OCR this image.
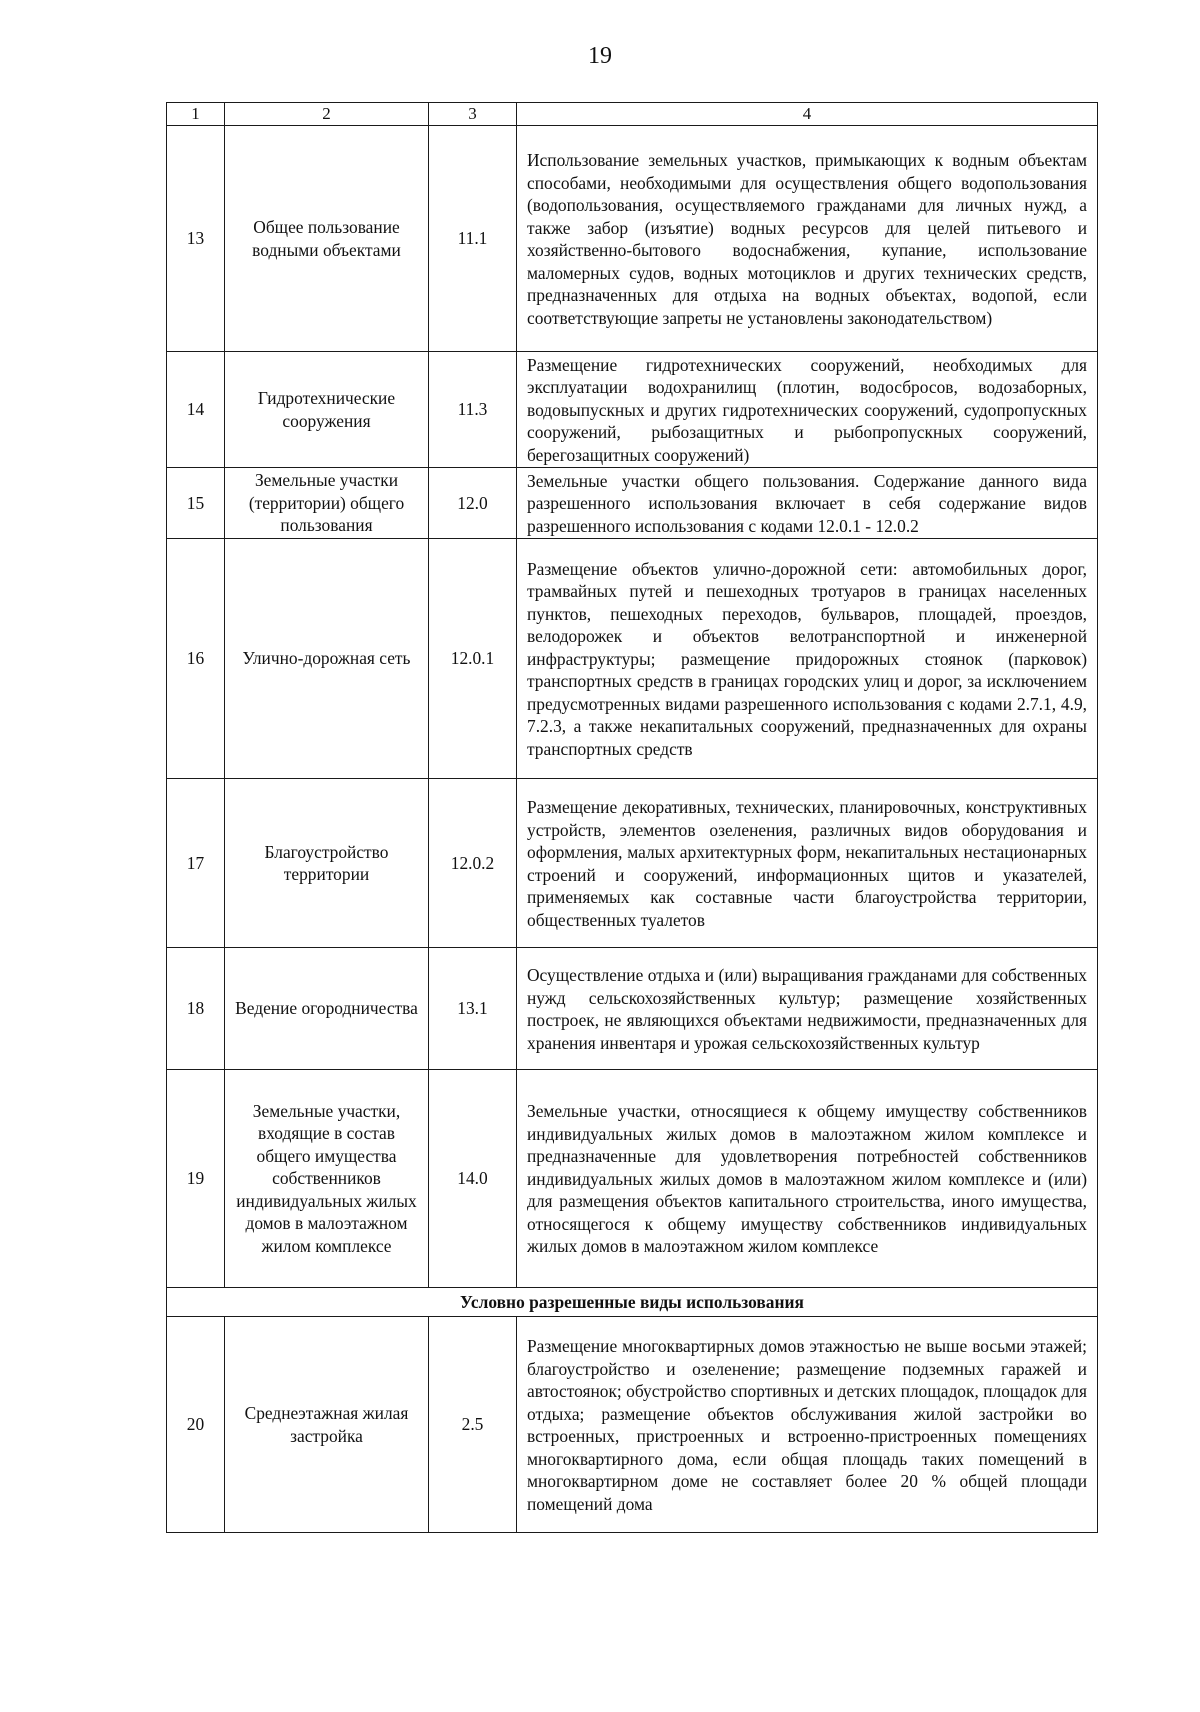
19
1	2	3	4
13	Общее пользование водными объектами	11.1	Использование земельных участков, примыкающих к водным объектам способами, необходимыми для осуществления общего водопользования (водопользования, осуществляемого гражданами для личных нужд, а также забор (изъятие) водных ресурсов для целей питьевого и хозяйственно-бытового водоснабжения, купание, использование маломерных судов, водных мотоциклов и других технических средств, предназначенных для отдыха на водных объектах, водопой, если соответствующие запреты не установлены законодательством)
14	Гидротехнические сооружения	11.3	Размещение гидротехнических сооружений, необходимых для эксплуатации водохранилищ (плотин, водосбросов, водозаборных, водовыпускных и других гидротехнических сооружений, судопропускных сооружений, рыбозащитных и рыбопропускных сооружений, берегозащитных сооружений)
15	Земельные участки (территории) общего пользования	12.0	Земельные участки общего пользования. Содержание данного вида разрешенного использования включает в себя содержание видов разрешенного использования с кодами 12.0.1 - 12.0.2
16	Улично-дорожная сеть	12.0.1	Размещение объектов улично-дорожной сети: автомобильных дорог, трамвайных путей и пешеходных тротуаров в границах населенных пунктов, пешеходных переходов, бульваров, площадей, проездов, велодорожек и объектов велотранспортной и инженерной инфраструктуры; размещение придорожных стоянок (парковок) транспортных средств в границах городских улиц и дорог, за исключением предусмотренных видами разрешенного использования с кодами 2.7.1, 4.9, 7.2.3, а также некапитальных сооружений, предназначенных для охраны транспортных средств
17	Благоустройство территории	12.0.2	Размещение декоративных, технических, планировочных, конструктивных устройств, элементов озеленения, различных видов оборудования и оформления, малых архитектурных форм, некапитальных нестационарных строений и сооружений, информационных щитов и указателей, применяемых как составные части благоустройства территории, общественных туалетов
18	Ведение огородничества	13.1	Осуществление отдыха и (или) выращивания гражданами для собственных нужд сельскохозяйственных культур; размещение хозяйственных построек, не являющихся объектами недвижимости, предназначенных для хранения инвентаря и урожая сельскохозяйственных культур
19	Земельные участки, входящие в состав общего имущества собственников индивидуальных жилых домов в малоэтажном жилом комплексе	14.0	Земельные участки, относящиеся к общему имуществу собственников индивидуальных жилых домов в малоэтажном жилом комплексе и предназначенные для удовлетворения потребностей собственников индивидуальных жилых домов в малоэтажном жилом комплексе и (или) для размещения объектов капитального строительства, иного имущества, относящегося к общему имуществу собственников индивидуальных жилых домов в малоэтажном жилом комплексе
Условно разрешенные виды использования			
20	Среднеэтажная жилая застройка	2.5	Размещение многоквартирных домов этажностью не выше восьми этажей; благоустройство и озеленение; размещение подземных гаражей и автостоянок; обустройство спортивных и детских площадок, площадок для отдыха; размещение объектов обслуживания жилой застройки во встроенных, пристроенных и встроенно-пристроенных помещениях многоквартирного дома, если общая площадь таких помещений в многоквартирном доме не составляет более 20 % общей площади помещений дома
